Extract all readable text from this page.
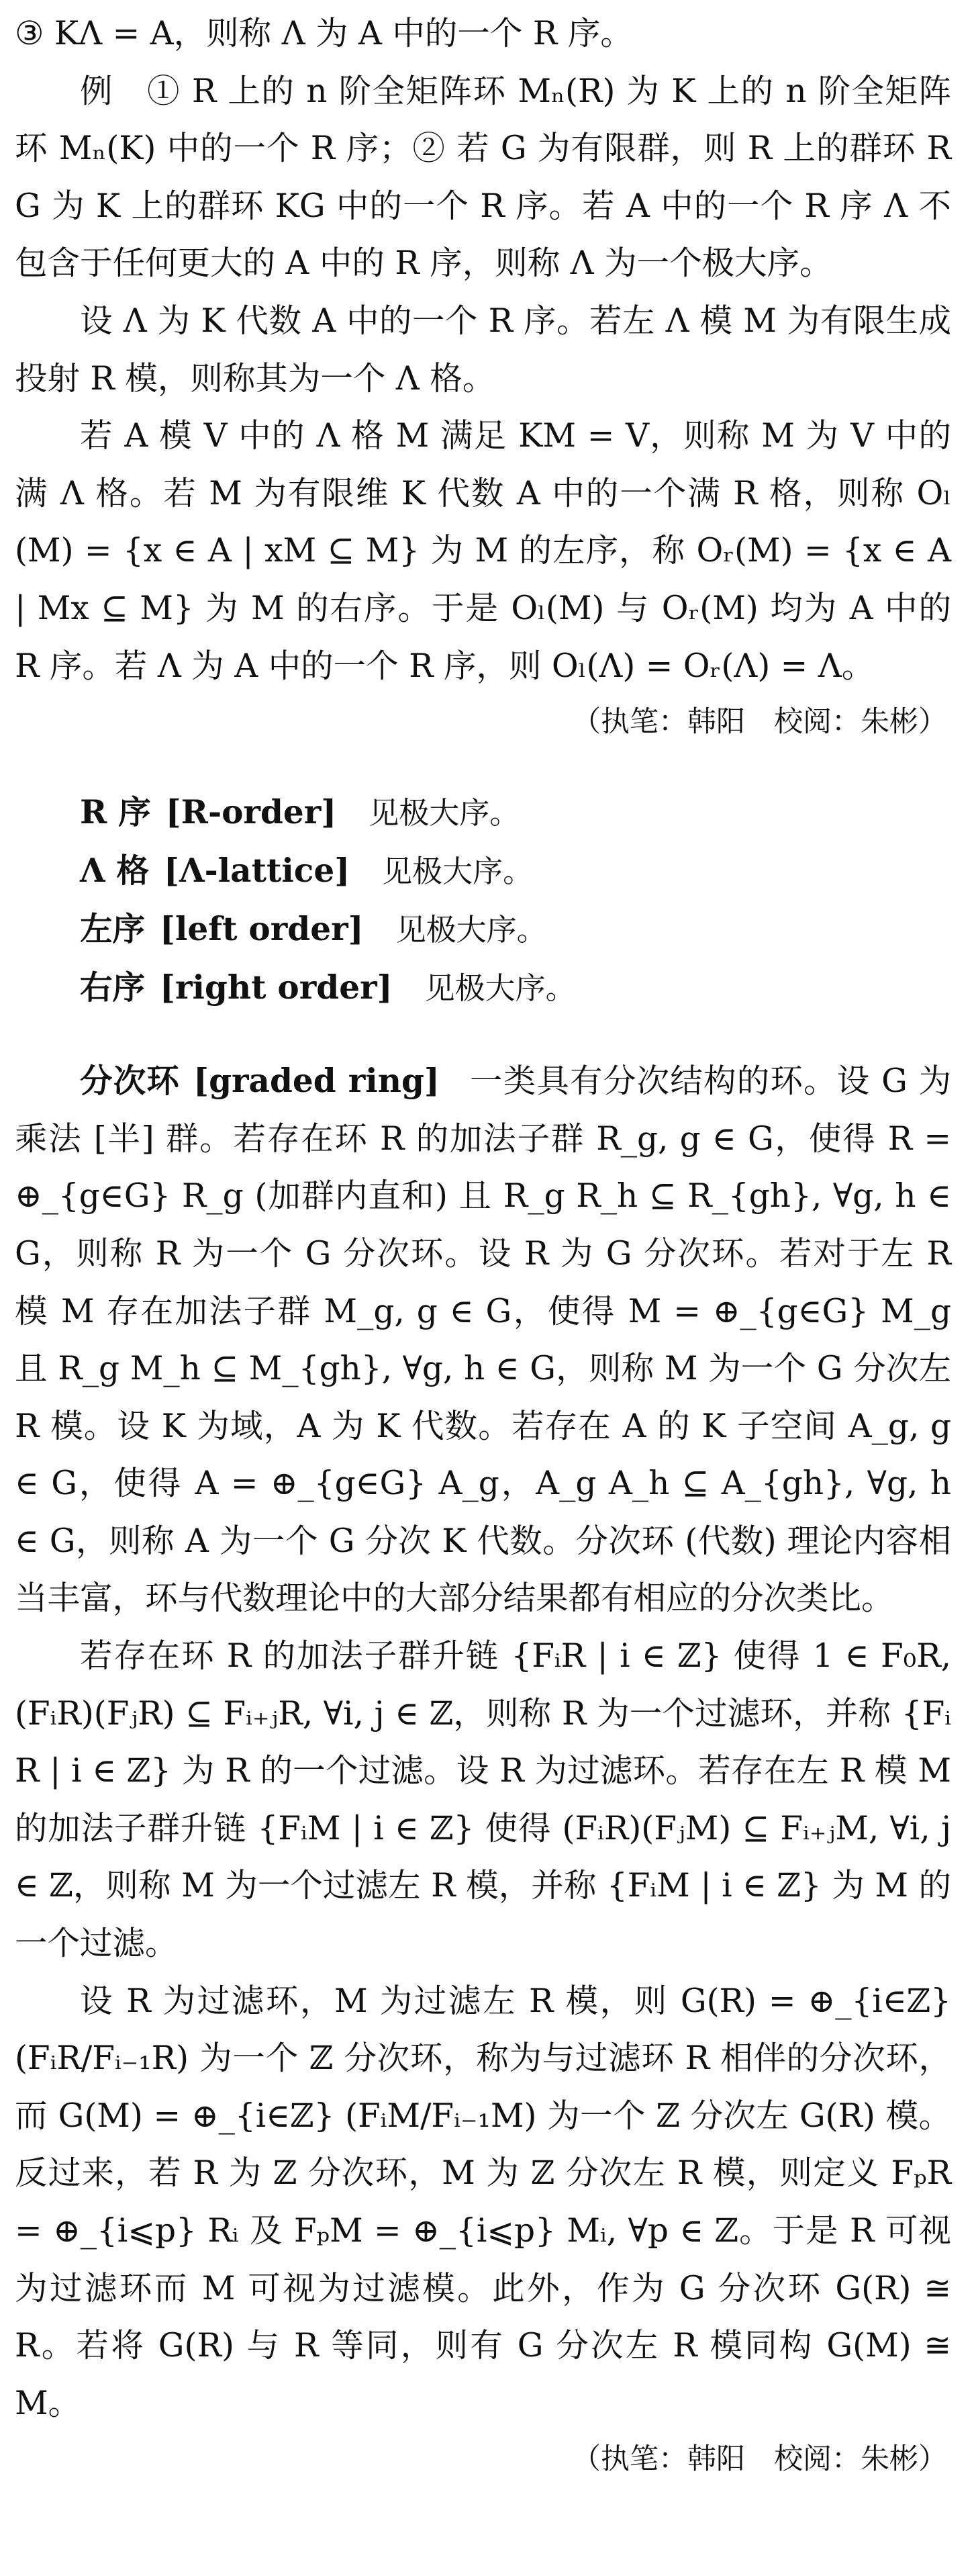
③ KΛ = A，则称 Λ 为 A 中的一个 R 序。

例　① R 上的 n 阶全矩阵环 Mₙ(R) 为 K 上的 n 阶全矩阵环 Mₙ(K) 中的一个 R 序；② 若 G 为有限群，则 R 上的群环 RG 为 K 上的群环 KG 中的一个 R 序。若 A 中的一个 R 序 Λ 不包含于任何更大的 A 中的 R 序，则称 Λ 为一个极大序。

设 Λ 为 K 代数 A 中的一个 R 序。若左 Λ 模 M 为有限生成投射 R 模，则称其为一个 Λ 格。

若 A 模 V 中的 Λ 格 M 满足 KM = V，则称 M 为 V 中的满 Λ 格。若 M 为有限维 K 代数 A 中的一个满 R 格，则称 Oₗ(M) = {x ∈ A | xM ⊆ M} 为 M 的左序，称 Oᵣ(M) = {x ∈ A | Mx ⊆ M} 为 M 的右序。于是 Oₗ(M) 与 Oᵣ(M) 均为 A 中的 R 序。若 Λ 为 A 中的一个 R 序，则 Oₗ(Λ) = Oᵣ(Λ) = Λ。

（执笔：韩阳　校阅：朱彬）

R 序 [R-order] 见极大序。
Λ 格 [Λ-lattice] 见极大序。
左序 [left order] 见极大序。
右序 [right order] 见极大序。

分次环 [graded ring] 一类具有分次结构的环。设 G 为乘法 [半] 群。若存在环 R 的加法子群 R_g, g ∈ G，使得 R = ⊕_{g∈G} R_g (加群内直和) 且 R_g R_h ⊆ R_{gh}, ∀g, h ∈ G，则称 R 为一个 G 分次环。设 R 为 G 分次环。若对于左 R 模 M 存在加法子群 M_g, g ∈ G，使得 M = ⊕_{g∈G} M_g 且 R_g M_h ⊆ M_{gh}, ∀g, h ∈ G，则称 M 为一个 G 分次左 R 模。设 K 为域，A 为 K 代数。若存在 A 的 K 子空间 A_g, g ∈ G，使得 A = ⊕_{g∈G} A_g，A_g A_h ⊆ A_{gh}, ∀g, h ∈ G，则称 A 为一个 G 分次 K 代数。分次环 (代数) 理论内容相当丰富，环与代数理论中的大部分结果都有相应的分次类比。

若存在环 R 的加法子群升链 {FᵢR | i ∈ ℤ} 使得 1 ∈ F₀R, (FᵢR)(FⱼR) ⊆ Fᵢ₊ⱼR, ∀i, j ∈ ℤ，则称 R 为一个过滤环，并称 {FᵢR | i ∈ ℤ} 为 R 的一个过滤。设 R 为过滤环。若存在左 R 模 M 的加法子群升链 {FᵢM | i ∈ ℤ} 使得 (FᵢR)(FⱼM) ⊆ Fᵢ₊ⱼM, ∀i, j ∈ ℤ，则称 M 为一个过滤左 R 模，并称 {FᵢM | i ∈ ℤ} 为 M 的一个过滤。

设 R 为过滤环，M 为过滤左 R 模，则 G(R) = ⊕_{i∈ℤ} (FᵢR/Fᵢ₋₁R) 为一个 ℤ 分次环，称为与过滤环 R 相伴的分次环，而 G(M) = ⊕_{i∈ℤ} (FᵢM/Fᵢ₋₁M) 为一个 ℤ 分次左 G(R) 模。反过来，若 R 为 ℤ 分次环，M 为 ℤ 分次左 R 模，则定义 FₚR = ⊕_{i⩽p} Rᵢ 及 FₚM = ⊕_{i⩽p} Mᵢ, ∀p ∈ ℤ。于是 R 可视为过滤环而 M 可视为过滤模。此外，作为 G 分次环 G(R) ≅ R。若将 G(R) 与 R 等同，则有 G 分次左 R 模同构 G(M) ≅ M。

（执笔：韩阳　校阅：朱彬）
